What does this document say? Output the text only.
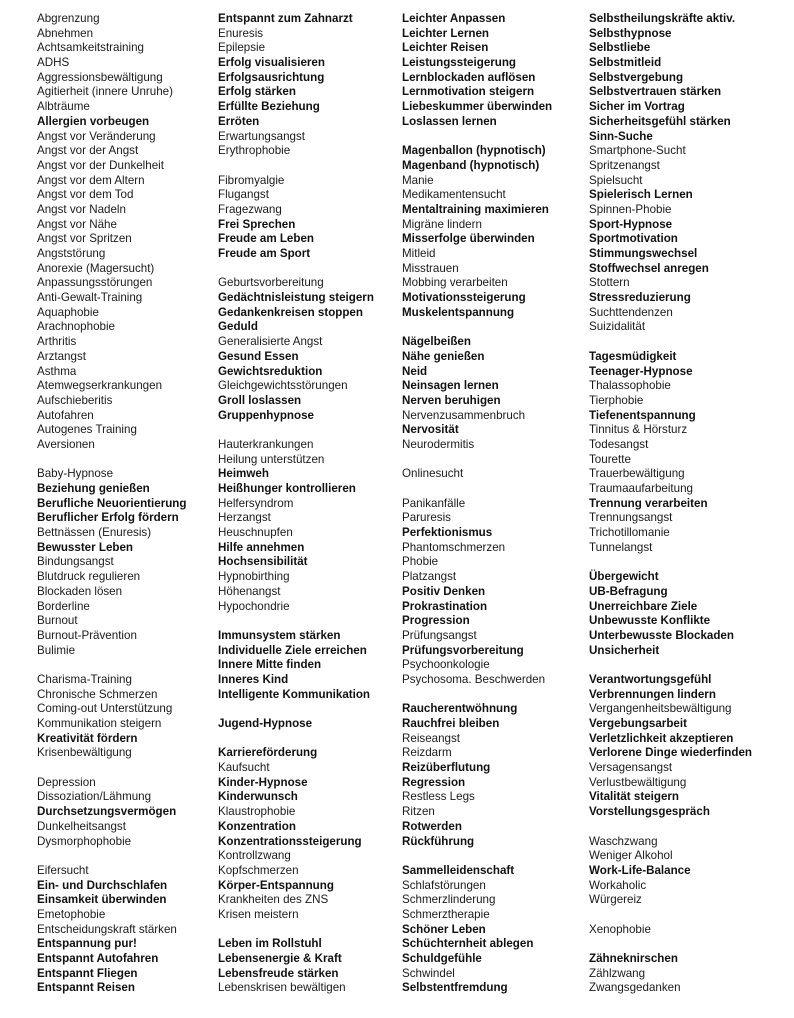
Abgrenzung
Abnehmen
Achtsamkeitstraining
ADHS
Aggressionsbewältigung
Agitierheit (innere Unruhe)
Albträume
Allergien vorbeugen
Angst vor Veränderung
Angst vor der Angst
Angst vor der Dunkelheit
Angst vor dem Altern
Angst vor dem Tod
Angst vor Nadeln
Angst vor Nähe
Angst vor Spritzen
Angststörung
Anorexie (Magersucht)
Anpassungsstörungen
Anti-Gewalt-Training
Aquaphobie
Arachnophobie
Arthritis
Arztangst
Asthma
Atemwegserkrankungen
Aufschieberitis
Autofahren
Autogenes Training
Aversionen
Baby-Hypnose
Beziehung genießen
Berufliche Neuorientierung
Beruflicher Erfolg fördern
Bettnässen (Enuresis)
Bewusster Leben
Bindungsangst
Blutdruck regulieren
Blockaden lösen
Borderline
Burnout
Burnout-Prävention
Bulimie
Charisma-Training
Chronische Schmerzen
Coming-out Unterstützung
Kommunikation steigern
Kreativität fördern
Krisenbewältigung
Depression
Dissoziation/Lähmung
Durchsetzungsvermögen
Dunkelheitsangst
Dysmorphophobie
Eifersucht
Ein- und Durchschlafen
Einsamkeit überwinden
Emetophobie
Entscheidungskraft stärken
Entspannung pur!
Entspannt Autofahren
Entspannt Fliegen
Entspannt Reisen
Entspannt zum Zahnarzt
Enuresis
Epilepsie
Erfolg visualisieren
Erfolgsausrichtung
Erfolg stärken
Erfüllte Beziehung
Erröten
Erwartungsangst
Erythrophobie
Fibromyalgie
Flugangst
Fragezwang
Frei Sprechen
Freude am Leben
Freude am Sport
Geburtsvorbereitung
Gedächtnisleistung steigern
Gedankenkreisen stoppen
Geduld
Generalisierte Angst
Gesund Essen
Gewichtsreduktion
Gleichgewichtsstörungen
Groll loslassen
Gruppenhypnose
Hauterkrankungen
Heilung unterstützen
Heimweh
Heißhunger kontrollieren
Helfersyndrom
Herzangst
Heuschnupfen
Hilfe annehmen
Hochsensibilität
Hypnobirthing
Höhenangst
Hypochondrie
Immunsystem stärken
Individuelle Ziele erreichen
Innere Mitte finden
Inneres Kind
Intelligente Kommunikation
Jugend-Hypnose
Karriereförderung
Kaufsucht
Kinder-Hypnose
Kinderwunsch
Klaustrophobie
Konzentration
Konzentrationssteigerung
Kontrollzwang
Kopfschmerzen
Körper-Entspannung
Krankheiten des ZNS
Krisen meistern
Leben im Rollstuhl
Lebensenergie & Kraft
Lebensfreude stärken
Lebenskrisen bewältigen
Leichter Anpassen
Leichter Lernen
Leichter Reisen
Leistungssteigerung
Lernblockaden auflösen
Lernmotivation steigern
Liebeskummer überwinden
Loslassen lernen
Magenballon (hypnotisch)
Magenband (hypnotisch)
Manie
Medikamentensucht
Mentaltraining maximieren
Migräne lindern
Misserfolge überwinden
Mitleid
Misstrauen
Mobbing verarbeiten
Motivationssteigerung
Muskelentspannung
Nägelbeißen
Nähe genießen
Neid
Neinsagen lernen
Nerven beruhigen
Nervenzusammenbruch
Nervosität
Neurodermitis
Onlinesucht
Panikanfälle
Paruresis
Perfektionismus
Phantomschmerzen
Phobie
Platzangst
Positiv Denken
Prokrastination
Progression
Prüfungsangst
Prüfungsvorbereitung
Psychoonkologie
Psychosoma. Beschwerden
Raucherentwöhnung
Rauchfrei bleiben
Reiseangst
Reizdarm
Reizüberflutung
Regression
Restless Legs
Ritzen
Rotwerden
Rückführung
Sammelleidenschaft
Schlafstörungen
Schmerzlinderung
Schmerztherapie
Schöner Leben
Schüchternheit ablegen
Schuldgefühle
Schwindel
Selbstentfremdung
Selbstheilungskräfte aktiv.
Selbsthypnose
Selbstliebe
Selbstmitleid
Selbstvergebung
Selbstvertrauen stärken
Sicher im Vortrag
Sicherheitsgefühl stärken
Sinn-Suche
Smartphone-Sucht
Spritzenangst
Spielsucht
Spielerisch Lernen
Spinnen-Phobie
Sport-Hypnose
Sportmotivation
Stimmungswechsel
Stoffwechsel anregen
Stottern
Stressreduzierung
Suchttendenzen
Suizidalität
Tagesmüdigkeit
Teenager-Hypnose
Thalassophobie
Tierphobie
Tiefenentspannung
Tinnitus & Hörsturz
Todesangst
Tourette
Trauerbewältigung
Traumaaufarbeitung
Trennung verarbeiten
Trennungsangst
Trichotillomanie
Tunnelangst
Übergewicht
UB-Befragung
Unerreichbare Ziele
Unbewusste Konflikte
Unterbewusste Blockaden
Unsicherheit
Verantwortungsgefühl
Verbrennungen lindern
Vergangenheitsbewältigung
Vergebungsarbeit
Verletzlichkeit akzeptieren
Verlorene Dinge wiederfinden
Versagensangst
Verlustbewältigung
Vitalität steigern
Vorstellungsgespräch
Waschzwang
Weniger Alkohol
Work-Life-Balance
Workaholic
Würgereiz
Xenophobie
Zähneknirschen
Zählzwang
Zwangsgedanken
